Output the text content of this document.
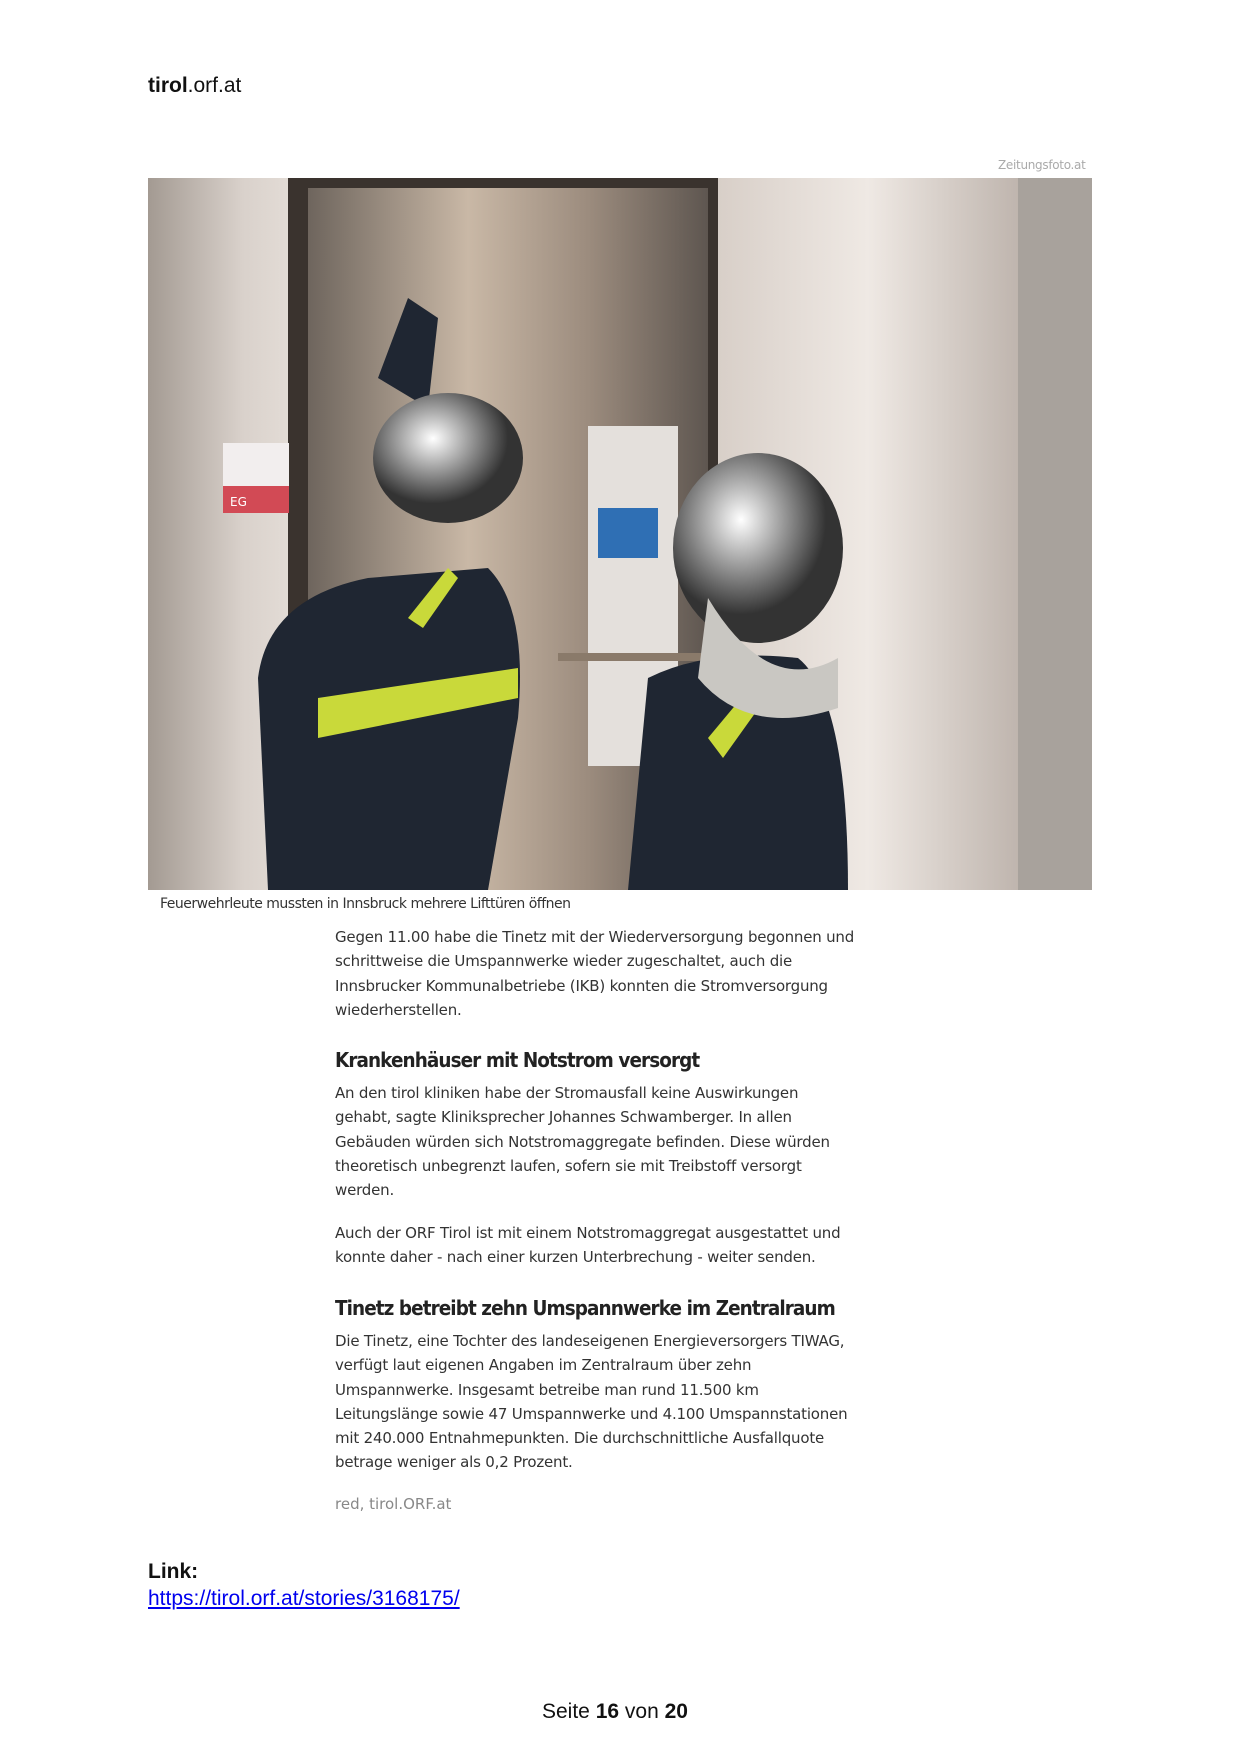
tirol.orf.at
Zeitungsfoto.at
EG
Feuerwehrleute mussten in Innsbruck mehrere Lifttüren öffnen
Gegen 11.00 habe die Tinetz mit der Wiederversorgung begonnen und
schrittweise die Umspannwerke wieder zugeschaltet, auch die
Innsbrucker Kommunalbetriebe (IKB) konnten die Stromversorgung
wiederherstellen.
Krankenhäuser mit Notstrom versorgt
An den tirol kliniken habe der Stromausfall keine Auswirkungen
gehabt, sagte Kliniksprecher Johannes Schwamberger. In allen
Gebäuden würden sich Notstromaggregate befinden. Diese würden
theoretisch unbegrenzt laufen, sofern sie mit Treibstoff versorgt
werden.
Auch der ORF Tirol ist mit einem Notstromaggregat ausgestattet und
konnte daher - nach einer kurzen Unterbrechung - weiter senden.
Tinetz betreibt zehn Umspannwerke im Zentralraum
Die Tinetz, eine Tochter des landeseigenen Energieversorgers TIWAG,
verfügt laut eigenen Angaben im Zentralraum über zehn
Umspannwerke. Insgesamt betreibe man rund 11.500 km
Leitungslänge sowie 47 Umspannwerke und 4.100 Umspannstationen
mit 240.000 Entnahmepunkten. Die durchschnittliche Ausfallquote
betrage weniger als 0,2 Prozent.
red, tirol.ORF.at
Link:
https://tirol.orf.at/stories/3168175/
Seite 16 von 20
